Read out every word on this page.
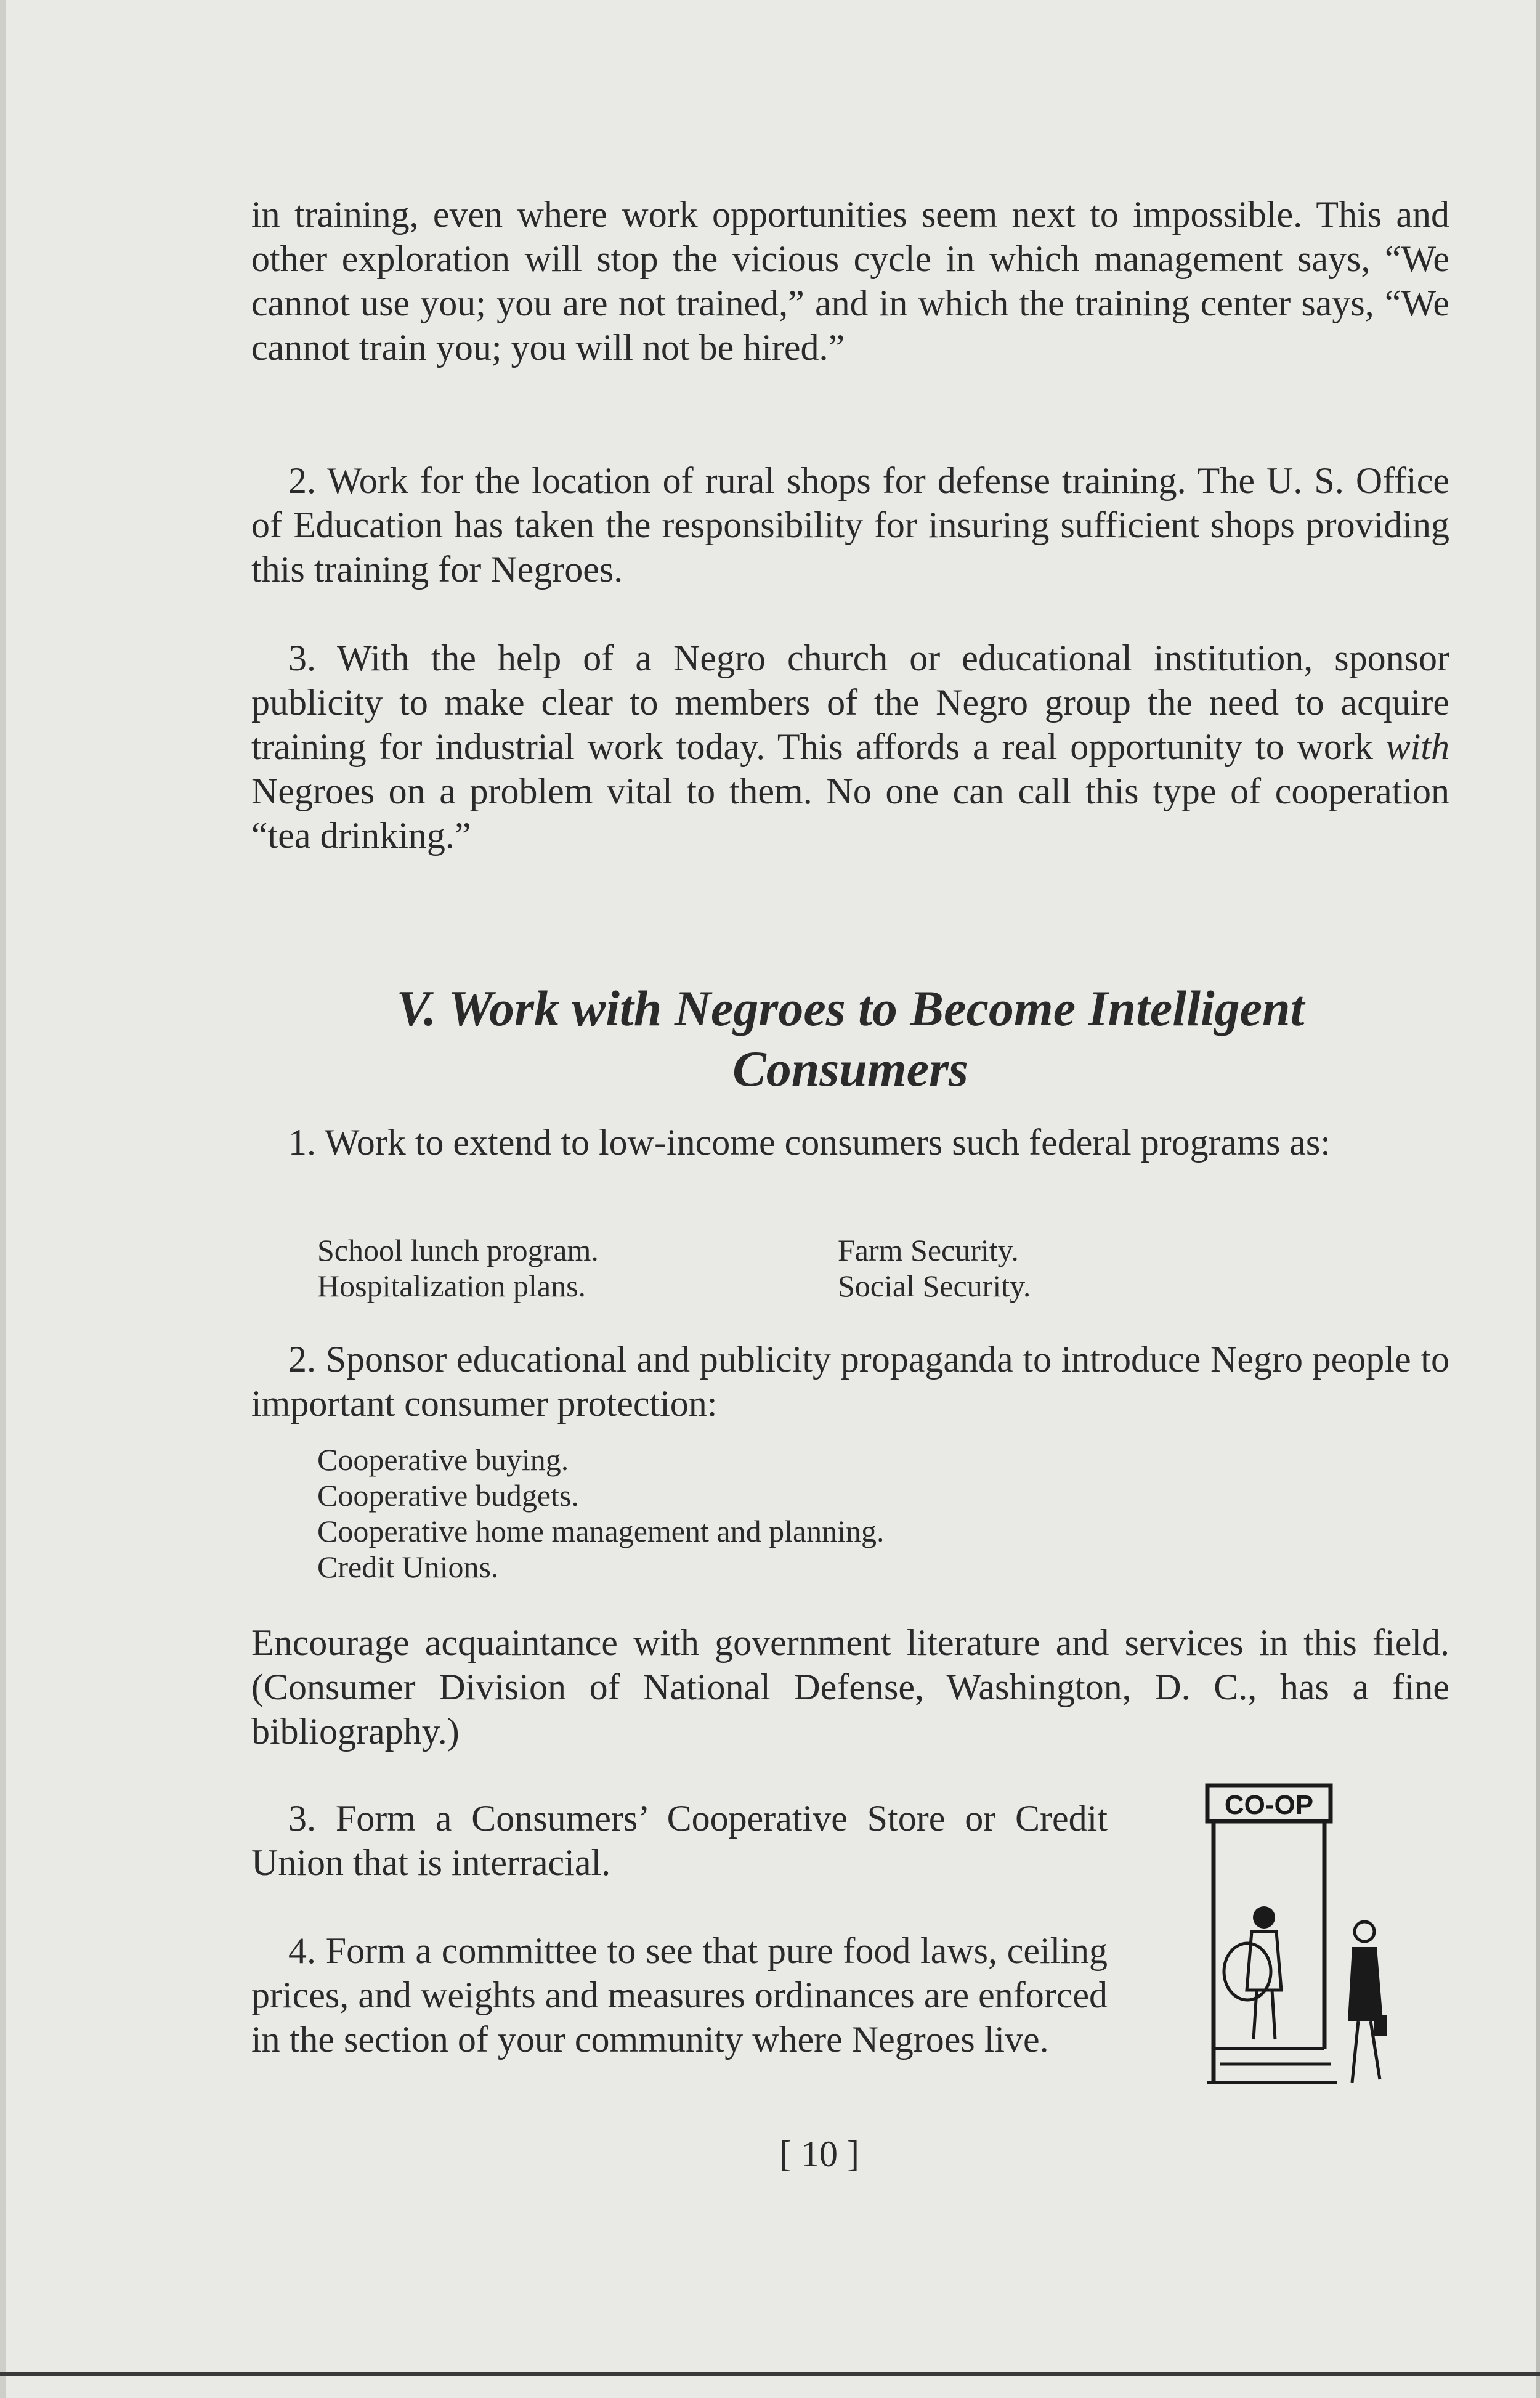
in training, even where work opportunities seem next to impossible. This and other exploration will stop the vicious cycle in which management says, “We cannot use you; you are not trained,” and in which the training center says, “We cannot train you; you will not be hired.”

2. Work for the location of rural shops for defense training. The U. S. Office of Education has taken the responsibility for insuring sufficient shops providing this training for Negroes.

3. With the help of a Negro church or educational institution, sponsor publicity to make clear to members of the Negro group the need to acquire training for industrial work today. This affords a real opportunity to work with Negroes on a problem vital to them. No one can call this type of cooperation “tea drinking.”

V. Work with Negroes to Become Intelligent
Consumers

1. Work to extend to low-income consumers such federal programs as:

School lunch program.
Hospitalization plans.
Farm Security.
Social Security.

2. Sponsor educational and publicity propaganda to introduce Negro people to important consumer protection:

Cooperative buying.
Cooperative budgets.
Cooperative home management and planning.
Credit Unions.

Encourage acquaintance with government literature and services in this field. (Consumer Division of National Defense, Washington, D. C., has a fine bibliography.)

3. Form a Consumers’ Cooperative Store or Credit Union that is interracial.

4. Form a committee to see that pure food laws, ceiling prices, and weights and measures ordinances are enforced in the section of your community where Negroes live.

CO-OP
[ 10 ]
